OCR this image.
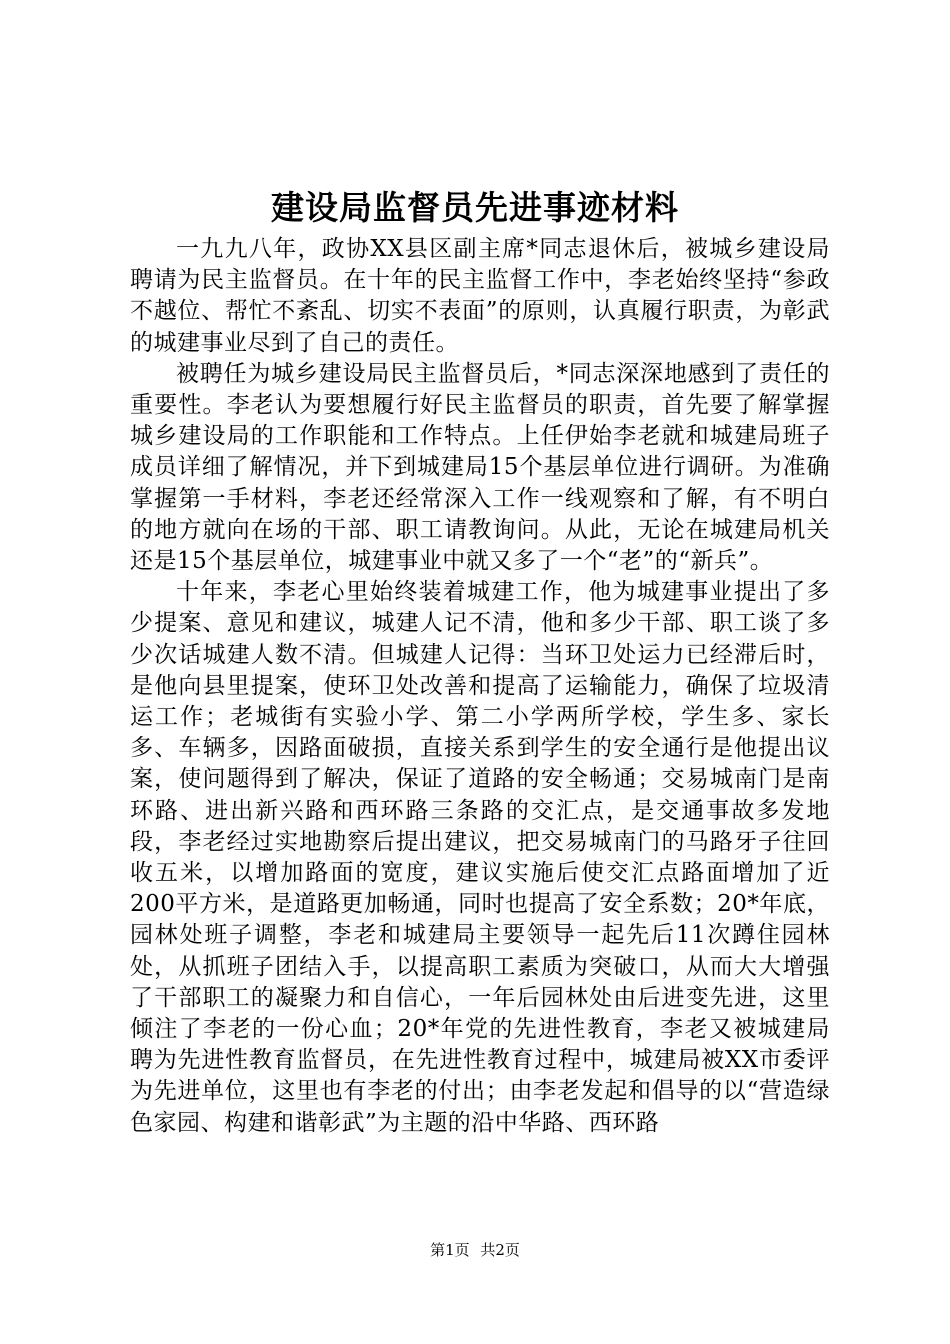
建设局监督员先进事迹材料

一九九八年，政协XX县区副主席*同志退休后，被城乡建设局聘请为民主监督员。在十年的民主监督工作中，李老始终坚持“参政不越位、帮忙不紊乱、切实不表面”的原则，认真履行职责，为彰武的城建事业尽到了自己的责任。

被聘任为城乡建设局民主监督员后，*同志深深地感到了责任的重要性。李老认为要想履行好民主监督员的职责，首先要了解掌握城乡建设局的工作职能和工作特点。上任伊始李老就和城建局班子成员详细了解情况，并下到城建局15个基层单位进行调研。为准确掌握第一手材料，李老还经常深入工作一线观察和了解，有不明白的地方就向在场的干部、职工请教询问。从此，无论在城建局机关还是15个基层单位，城建事业中就又多了一个“老”的“新兵”。

十年来，李老心里始终装着城建工作，他为城建事业提出了多少提案、意见和建议，城建人记不清，他和多少干部、职工谈了多少次话城建人数不清。但城建人记得：当环卫处运力已经滞后时，是他向县里提案，使环卫处改善和提高了运输能力，确保了垃圾清运工作；老城街有实验小学、第二小学两所学校，学生多、家长多、车辆多，因路面破损，直接关系到学生的安全通行是他提出议案，使问题得到了解决，保证了道路的安全畅通；交易城南门是南环路、进出新兴路和西环路三条路的交汇点，是交通事故多发地段，李老经过实地勘察后提出建议，把交易城南门的马路牙子往回收五米，以增加路面的宽度，建议实施后使交汇点路面增加了近200平方米，是道路更加畅通，同时也提高了安全系数；20*年底，园林处班子调整，李老和城建局主要领导一起先后11次蹲住园林处，从抓班子团结入手，以提高职工素质为突破口，从而大大增强了干部职工的凝聚力和自信心，一年后园林处由后进变先进，这里倾注了李老的一份心血；20*年党的先进性教育，李老又被城建局聘为先进性教育监督员，在先进性教育过程中，城建局被XX市委评为先进单位，这里也有李老的付出；由李老发起和倡导的以“营造绿色家园、构建和谐彰武”为主题的沿中华路、西环路

第1页 共2页
